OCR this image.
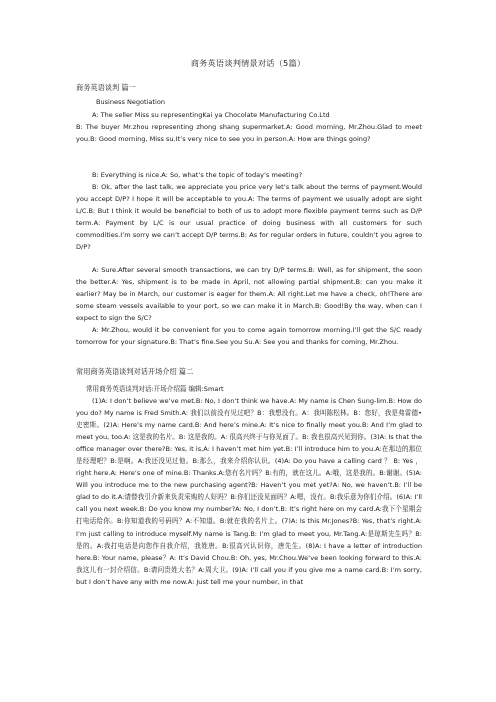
商务英语谈判情景对话（5篇）
商务英语谈判 篇一
Business Negotiation

A: The seller Miss su representingKai ya Chocolate Manufacturing Co.Ltd

B: The buyer Mr.zhou representing zhong shang supermarket.A: Good morning, Mr.Zhou.Glad to meet you.B: Good morning, Miss su.It’s very nice to see you in person.A: How are things going?

B: Everything is nice.A: So, what’s the topic of today’s meeting?

B: Ok, after the last talk, we appreciate you price very let’s talk about the terms of payment.Would you accept D/P? I hope it will be acceptable to you.A: The terms of payment we usually adopt are sight L/C.B: But I think it would be beneficial to both of us to adopt more flexible payment terms such as D/P term.A: Payment by L/C is our usual practice of doing business with all customers for such commodities.I’m sorry we can’t accept D/P terms.B: As for regular orders in future, couldn’t you agree to D/P?

A: Sure.After several smooth transactions, we can try D/P terms.B: Well, as for shipment, the soon the better.A: Yes, shipment is to be made in April, not allowing partial shipment.B: can you make it earlier? May be in March, our customer is eager for them.A: All right.Let me have a check, oh!There are some steam vessels available to your port, so we can make it in March.B: Good!By the way, when can I expect to sign the S/C?

A: Mr.Zhou, would it be convenient for you to come again tomorrow morning.I’ll get the S/C ready tomorrow for your signature.B: That’s fine.See you Su.A: See you and thanks for coming, Mr.Zhou.

常用商务英语谈判对话开场介绍 篇二
常用商务英语谈判对话:开场介绍篇 编辑:Smart

(1)A: I don’t believe we’ve met.B: No, I don’t think we have.A: My name is Chen Sung-lim.B: How do you do? My name is Fred Smith.A: 我们以前没有见过吧？B：我想没有。A：我叫陈松林。B：您好，我是弗雷德•史密斯。(2)A: Here’s my name card.B: And here’s mine.A: It’s nice to finally meet you.B: And I’m glad to meet you, too.A: 这是我的名片。B: 这是我的。A: 很高兴终于与你见面了。B: 我也很高兴见到你。(3)A: Is that the office manager over there?B: Yes, it is,A: I haven’t met him yet.B: I’ll introduce him to you.A:在那边的那位是经理吧？B:是啊。A:我还没见过他。B:那么，我来介绍你认识。(4)A: Do you have a calling card ？ B: Yes ，right here.A: Here’s one of mine.B: Thanks.A:您有名片吗？B:有的，就在这儿。A:哦，这是我的。B:谢谢。(5)A: Will you introduce me to the new purchasing agent?B: Haven’t you met yet?A: No, we haven’t.B: I’ll be glad to do it.A:请替我引介新来负责采购的人好吗？B:你们还没见面吗？A:嗯，没有。B:我乐意为你们介绍。(6)A: I’ll call you next week.B: Do you know my number?A: No, I don’t.B: It’s right here on my card.A:我下个星期会打电话给你。B:你知道我的号码吗？A:不知道。B:就在我的名片上。(7)A: Is this Mr.Jones?B: Yes, that’s right.A: I’m just calling to introduce myself.My name is Tang.B: I’m glad to meet you, Mr.Tang.A:是琼斯先生吗？B:是的。A:我打电话是向您作自我介绍，我姓唐。B:很高兴认识你，唐先生。(8)A: I have a letter of introduction here.B: Your name, please？A: It’s David Chou.B: Oh, yes, Mr.Chou.We’ve been looking forward to this.A:我这儿有一封介绍信。B:请问贵姓大名？A:周大卫。(9)A: I’ll call you if you give me a name card.B: I’m sorry, but I don’t have any with me now.A: Just tell me your number, in that
